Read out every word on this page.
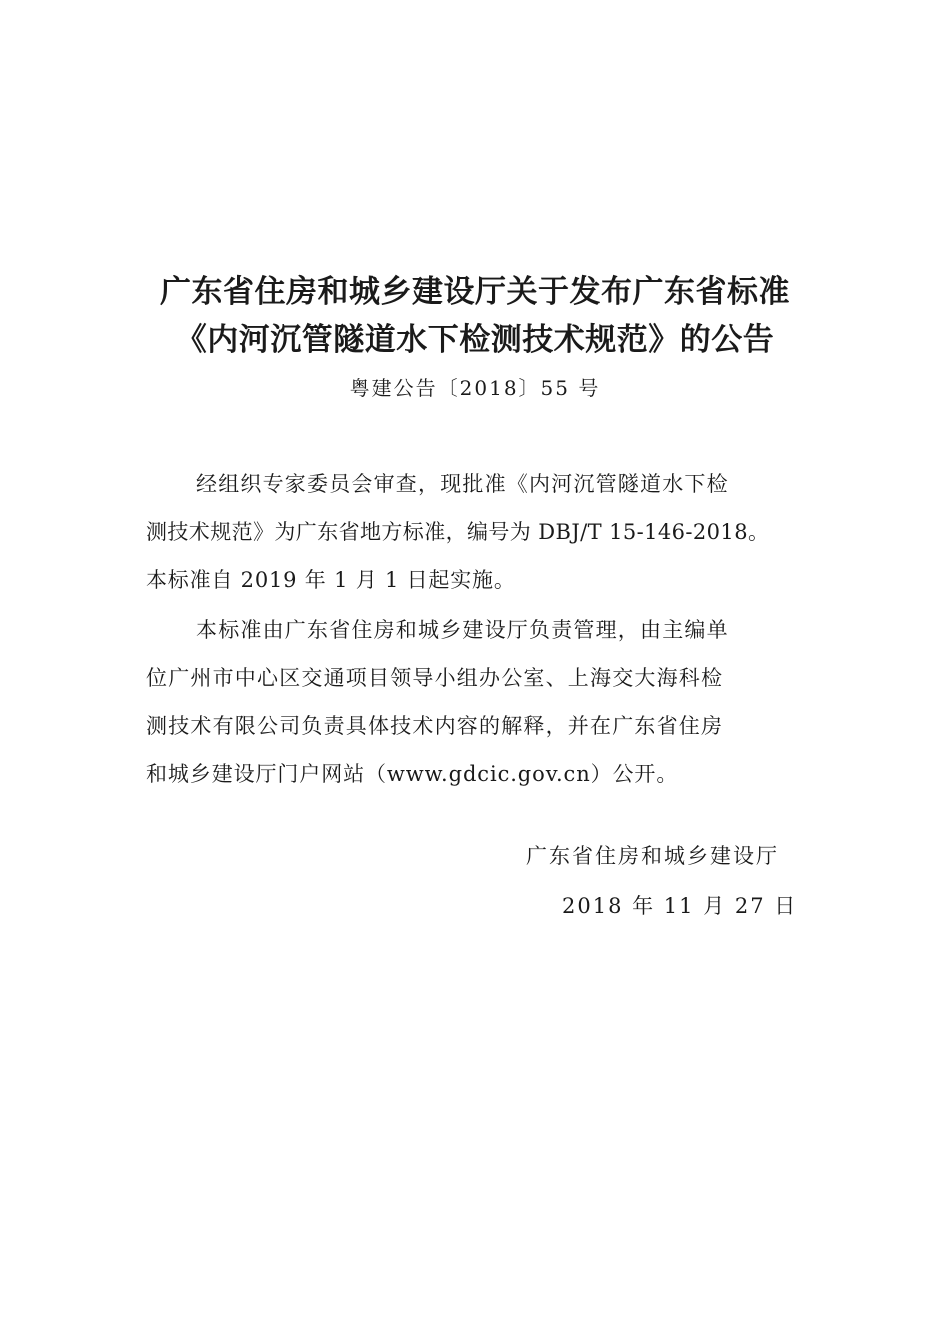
广东省住房和城乡建设厅关于发布广东省标准
《内河沉管隧道水下检测技术规范》的公告
粤建公告〔2018〕55 号
经组织专家委员会审查，现批准《内河沉管隧道水下检
测技术规范》为广东省地方标准，编号为 DBJ/T 15-146-2018。
本标准自 2019 年 1 月 1 日起实施。
本标准由广东省住房和城乡建设厅负责管理，由主编单
位广州市中心区交通项目领导小组办公室、上海交大海科检
测技术有限公司负责具体技术内容的解释，并在广东省住房
和城乡建设厅门户网站（www.gdcic.gov.cn）公开。
广东省住房和城乡建设厅
2018 年 11 月 27 日
